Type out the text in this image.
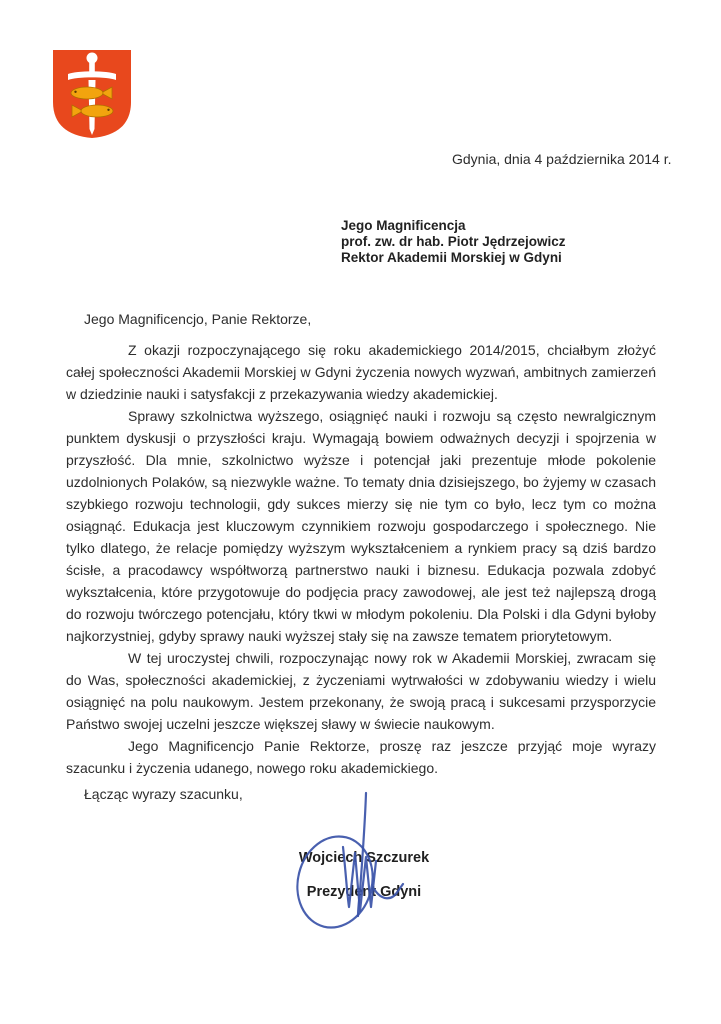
Gdynia, dnia 4 października 2014 r.
Jego Magnificencja
prof. zw. dr hab. Piotr Jędrzejowicz
Rektor Akademii Morskiej w Gdyni
Jego Magnificencjo, Panie Rektorze,

Z okazji rozpoczynającego się roku akademickiego 2014/2015, chciałbym złożyć całej społeczności Akademii Morskiej w Gdyni życzenia nowych wyzwań, ambitnych zamierzeń w dziedzinie nauki i satysfakcji z przekazywania wiedzy akademickiej.

Sprawy szkolnictwa wyższego, osiągnięć nauki i rozwoju są często newralgicznym punktem dyskusji o przyszłości kraju. Wymagają bowiem odważnych decyzji i spojrzenia w przyszłość. Dla mnie, szkolnictwo wyższe i potencjał jaki prezentuje młode pokolenie uzdolnionych Polaków, są niezwykle ważne. To tematy dnia dzisiejszego, bo żyjemy w czasach szybkiego rozwoju technologii, gdy sukces mierzy się nie tym co było, lecz tym co można osiągnąć. Edukacja jest kluczowym czynnikiem rozwoju gospodarczego i społecznego. Nie tylko dlatego, że relacje pomiędzy wyższym wykształceniem a rynkiem pracy są dziś bardzo ścisłe, a pracodawcy współtworzą partnerstwo nauki i biznesu. Edukacja pozwala zdobyć wykształcenia, które przygotowuje do podjęcia pracy zawodowej, ale jest też najlepszą drogą do rozwoju twórczego potencjału, który tkwi w młodym pokoleniu. Dla Polski i dla Gdyni byłoby najkorzystniej, gdyby sprawy nauki wyższej stały się na zawsze tematem priorytetowym.

W tej uroczystej chwili, rozpoczynając nowy rok w Akademii Morskiej, zwracam się do Was, społeczności akademickiej, z życzeniami wytrwałości w zdobywaniu wiedzy i wielu osiągnięć na polu naukowym. Jestem przekonany, że swoją pracą i sukcesami przysporzycie Państwo swojej uczelni jeszcze większej sławy w świecie naukowym.

Jego Magnificencjo Panie Rektorze, proszę raz jeszcze przyjąć moje wyrazy szacunku i życzenia udanego, nowego roku akademickiego.

Łącząc wyrazy szacunku,

Wojciech Szczurek

Prezydent Gdyni
